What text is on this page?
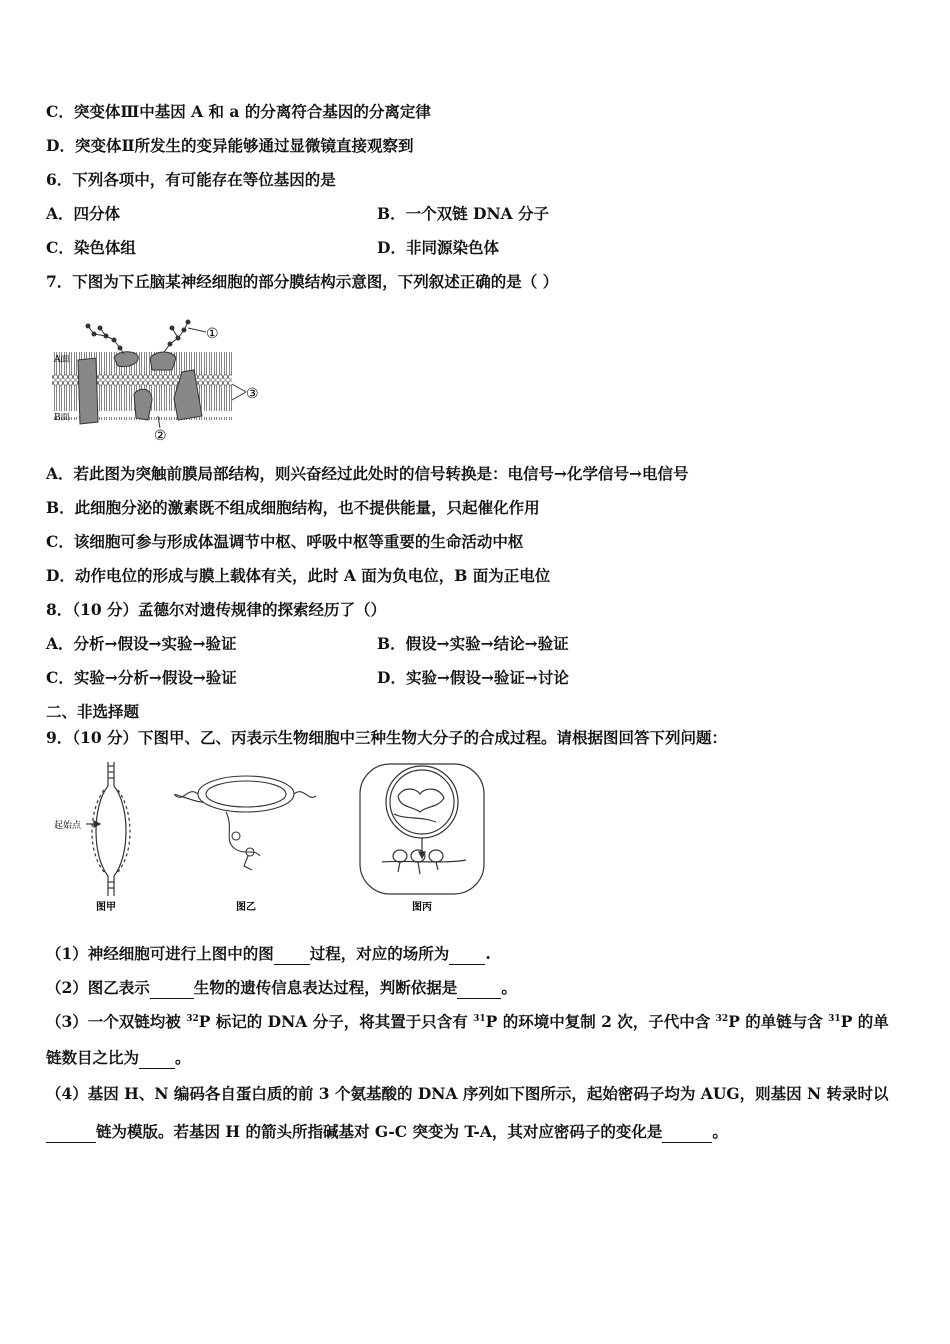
C．突变体Ⅲ中基因 A 和 a 的分离符合基因的分离定律
D．突变体Ⅱ所发生的变异能够通过显微镜直接观察到
6．下列各项中，有可能存在等位基因的是
A．四分体	B．一个双链 DNA 分子
C．染色体组	D．非同源染色体
7．下图为下丘脑某神经细胞的部分膜结构示意图，下列叙述正确的是（ ）
①
②
③
A面
B面
A．若此图为突触前膜局部结构，则兴奋经过此处时的信号转换是：电信号→化学信号→电信号
B．此细胞分泌的激素既不组成细胞结构，也不提供能量，只起催化作用
C．该细胞可参与形成体温调节中枢、呼吸中枢等重要的生命活动中枢
D．动作电位的形成与膜上载体有关，此时 A 面为负电位，B 面为正电位
8．（10 分）孟德尔对遗传规律的探索经历了（）
A．分析→假设→实验→验证	B．假设→实验→结论→验证
C．实验→分析→假设→验证	D．实验→假设→验证→讨论
二、非选择题
9．（10 分）下图甲、乙、丙表示生物细胞中三种生物大分子的合成过程。请根据图回答下列问题：
起始点
图甲	图乙	图丙
（1）神经细胞可进行上图中的图 过程，对应的场所为 .
（2）图乙表示	生物的遗传信息表达过程，判断依据是	。
（3）一个双链均被 $^{32}$P 标记的 DNA 分子，将其置于只含有 $^{31}$P 的环境中复制 2 次，子代中含 $^{32}$P 的单链与含 $^{31}$P 的单
链数目之比为 。
（4）基因 H、N 编码各自蛋白质的前 3 个氨基酸的 DNA 序列如下图所示，起始密码子均为 AUG，则基因 N 转录时以
链为模版。若基因 H 的箭头所指碱基对 G-C 突变为 T-A，其对应密码子的变化是	。
